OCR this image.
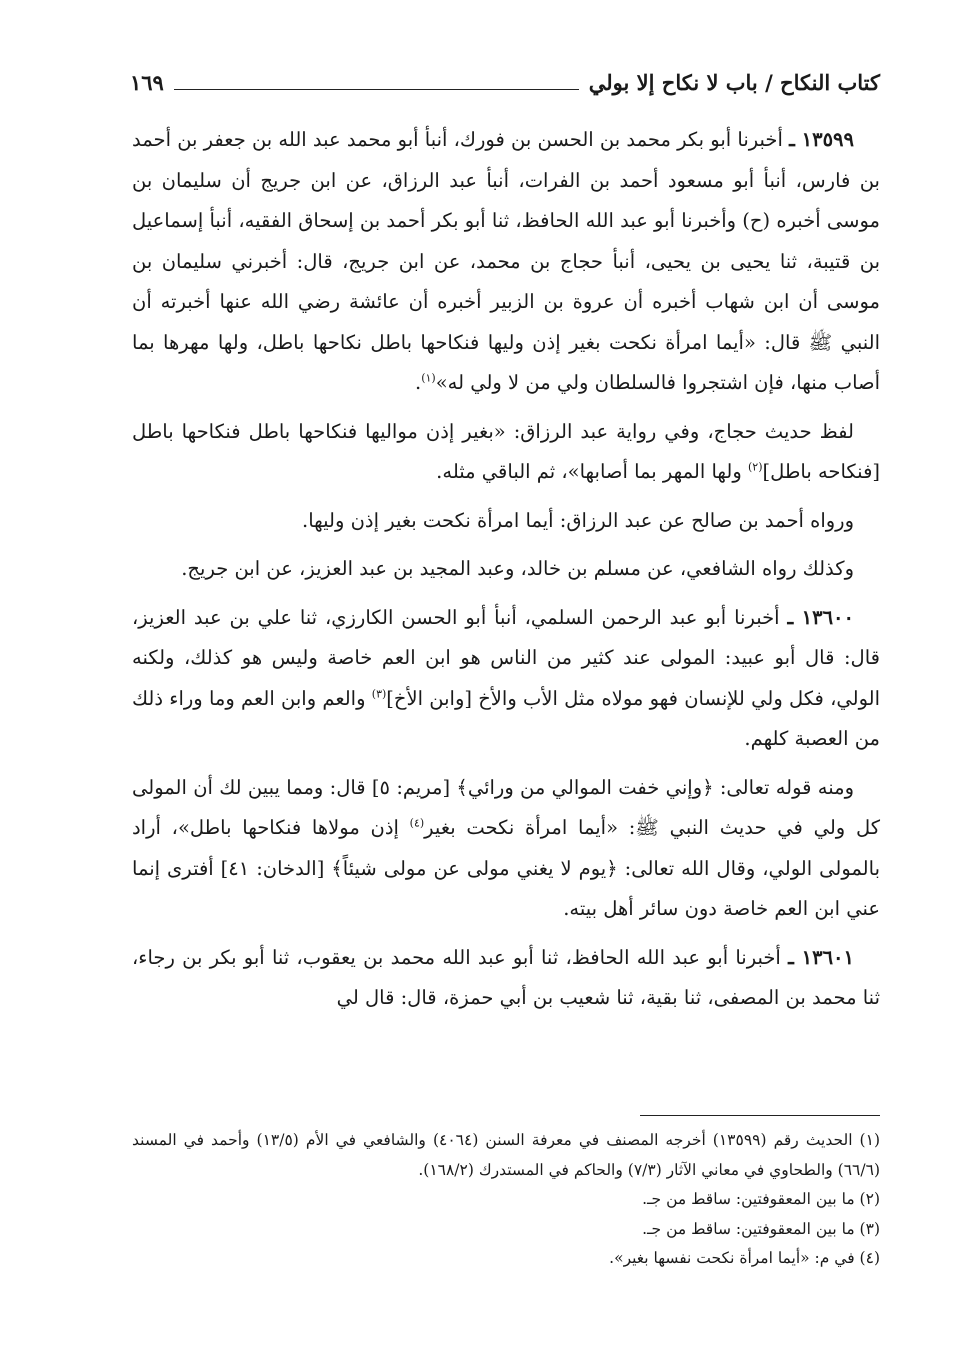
كتاب النكاح / باب لا نكاح إلا بولي
١٦٩

١٣٥٩٩ ـ أخبرنا أبو بكر محمد بن الحسن بن فورك، أنبأ أبو محمد عبد الله بن جعفر بن أحمد بن فارس، أنبأ أبو مسعود أحمد بن الفرات، أنبأ عبد الرزاق، عن ابن جريج أن سليمان بن موسى أخبره (ح) وأخبرنا أبو عبد الله الحافظ، ثنا أبو بكر أحمد بن إسحاق الفقيه، أنبأ إسماعيل بن قتيبة، ثنا يحيى بن يحيى، أنبأ حجاج بن محمد، عن ابن جريج، قال: أخبرني سليمان بن موسى أن ابن شهاب أخبره أن عروة بن الزبير أخبره أن عائشة رضي الله عنها أخبرته أن النبي ﷺ قال: «أيما امرأة نكحت بغير إذن وليها فنكاحها باطل نكاحها باطل، ولها مهرها بما أصاب منها، فإن اشتجروا فالسلطان ولي من لا ولي له»$^{(١)}$.

لفظ حديث حجاج، وفي رواية عبد الرزاق: «بغير إذن مواليها فنكاحها باطل فنكاحها باطل [فنكاحه باطل]$^{(٢)}$ ولها المهر بما أصابها»، ثم الباقي مثله.

ورواه أحمد بن صالح عن عبد الرزاق: أيما امرأة نكحت بغير إذن وليها.

وكذلك رواه الشافعي، عن مسلم بن خالد، وعبد المجيد بن عبد العزيز، عن ابن جريج.

١٣٦٠٠ ـ أخبرنا أبو عبد الرحمن السلمي، أنبأ أبو الحسن الكارزي، ثنا علي بن عبد العزيز، قال: قال أبو عبيد: المولى عند كثير من الناس هو ابن العم خاصة وليس هو كذلك، ولكنه الولي، فكل ولي للإنسان فهو مولاه مثل الأب والأخ [وابن الأخ]$^{(٣)}$ والعم وابن العم وما وراء ذلك من العصبة كلهم.

ومنه قوله تعالى: ﴿وإني خفت الموالي من ورائي﴾ [مريم: ٥] قال: ومما يبين لك أن المولى كل ولي في حديث النبي ﷺ: «أيما امرأة نكحت بغير$^{(٤)}$ إذن مولاها فنكاحها باطل»، أراد بالمولى الولي، وقال الله تعالى: ﴿يوم لا يغني مولى عن مولى شيئاً﴾ [الدخان: ٤١] أفترى إنما عني ابن العم خاصة دون سائر أهل بيته.

١٣٦٠١ ـ أخبرنا أبو عبد الله الحافظ، ثنا أبو عبد الله محمد بن يعقوب، ثنا أبو بكر بن رجاء، ثنا محمد بن المصفى، ثنا بقية، ثنا شعيب بن أبي حمزة، قال: قال لي

(١) الحديث رقم (١٣٥٩٩) أخرجه المصنف في معرفة السنن (٤٠٦٤) والشافعي في الأم (١٣/٥) وأحمد في المسند (٦٦/٦) والطحاوي في معاني الآثار (٧/٣) والحاكم في المستدرك (١٦٨/٢).

(٢) ما بين المعقوفتين: ساقط من جـ.

(٣) ما بين المعقوفتين: ساقط من جـ.

(٤) في م: «أيما امرأة نكحت نفسها بغير».
